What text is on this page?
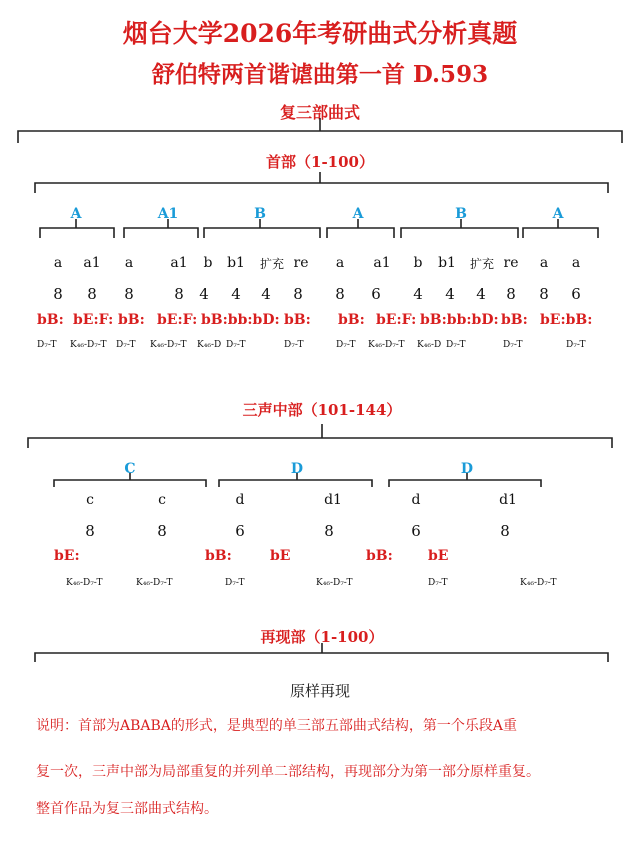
烟台大学2026年考研曲式分析真题
舒伯特两首谐谑曲第一首 D.593
复三部曲式
首部（1-100）
三声中部（101-144）
再现部（1-100）
原样再现
A	A1	B	A	B	A
a a1 a	a1 b b1 扩充 re a a1 b b1 扩充 re a a
8 8 8	8 4 4 4 8 8 6 4 4 4 8 8 6
bB: bE:F: bB: bE:F: bB:bb:bD: bB: bB: bE:F: bB:bb:bD: bB: bE:bB:
D₇-T K₄₆-D₇-T D₇-T K₄₆-D₇-T K₄₆-D D₇-T	D₇-T	D₇-T K₄₆-D₇-T K₄₆-D D₇-T	D₇-T	D₇-T
C	D	D
c	c	d	d1	d	d1
8	8	6	8	6	8
bE:	bB:	bE	bB:	bE
K₄₆-D₇-T	K₄₆-D₇-T	D₇-T	K₄₆-D₇-T	D₇-T	K₄₆-D₇-T
说明：首部为ABABA的形式，是典型的单三部五部曲式结构，第一个乐段A重
复一次，三声中部为局部重复的并列单二部结构，再现部分为第一部分原样重复。
整首作品为复三部曲式结构。
